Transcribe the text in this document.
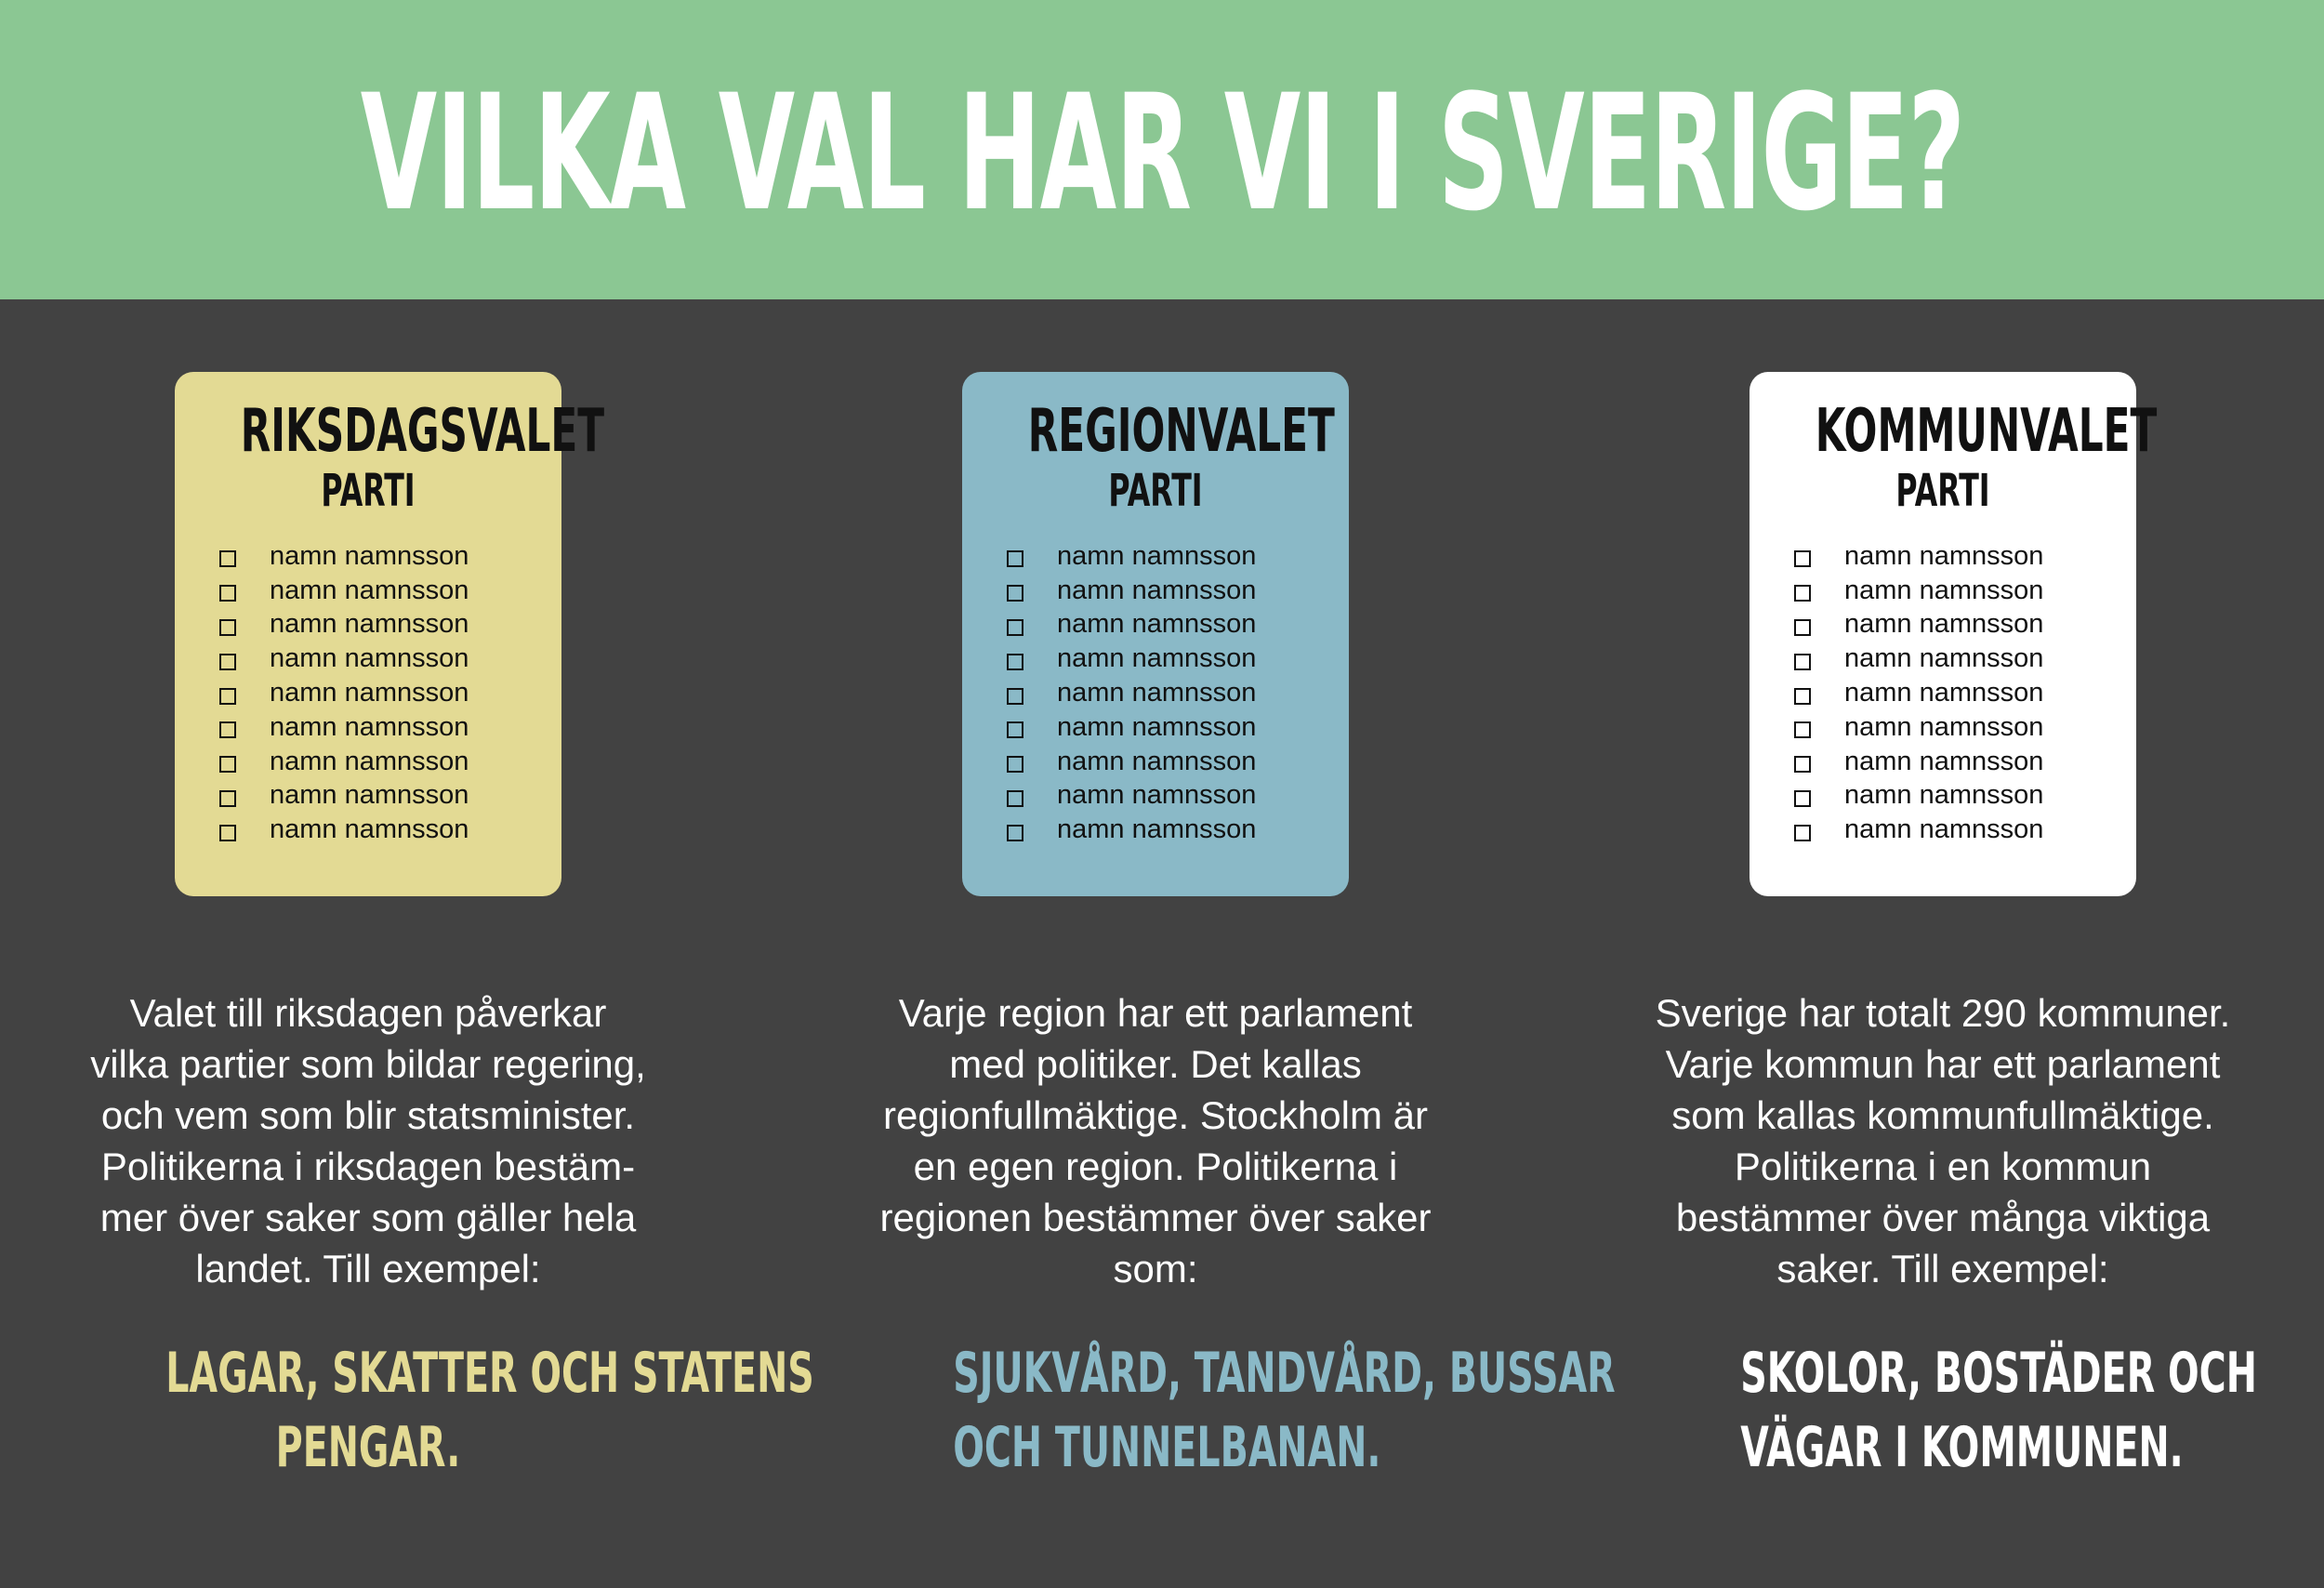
VILKA VAL HAR VI I SVERIGE?
RIKSDAGSVALET
PARTI
namn namnsson
namn namnsson
namn namnsson
namn namnsson
namn namnsson
namn namnsson
namn namnsson
namn namnsson
namn namnsson
Valet till riksdagen påverkar
vilka partier som bildar regering,
och vem som blir statsminister.
Politikerna i riksdagen bestäm-
mer över saker som gäller hela
landet. Till exempel:
LAGAR, SKATTER OCH STATENS
PENGAR.
REGIONVALET
PARTI
namn namnsson
namn namnsson
namn namnsson
namn namnsson
namn namnsson
namn namnsson
namn namnsson
namn namnsson
namn namnsson
Varje region har ett parlament
med politiker. Det kallas
regionfullmäktige. Stockholm är
en egen region. Politikerna i
regionen bestämmer över saker
som:
SJUKVÅRD, TANDVÅRD, BUSSAR
OCH TUNNELBANAN.
KOMMUNVALET
PARTI
namn namnsson
namn namnsson
namn namnsson
namn namnsson
namn namnsson
namn namnsson
namn namnsson
namn namnsson
namn namnsson
Sverige har totalt 290 kommuner.
Varje kommun har ett parlament
som kallas kommunfullmäktige.
Politikerna i en kommun
bestämmer över många viktiga
saker. Till exempel:
SKOLOR, BOSTÄDER OCH
VÄGAR I KOMMUNEN.
